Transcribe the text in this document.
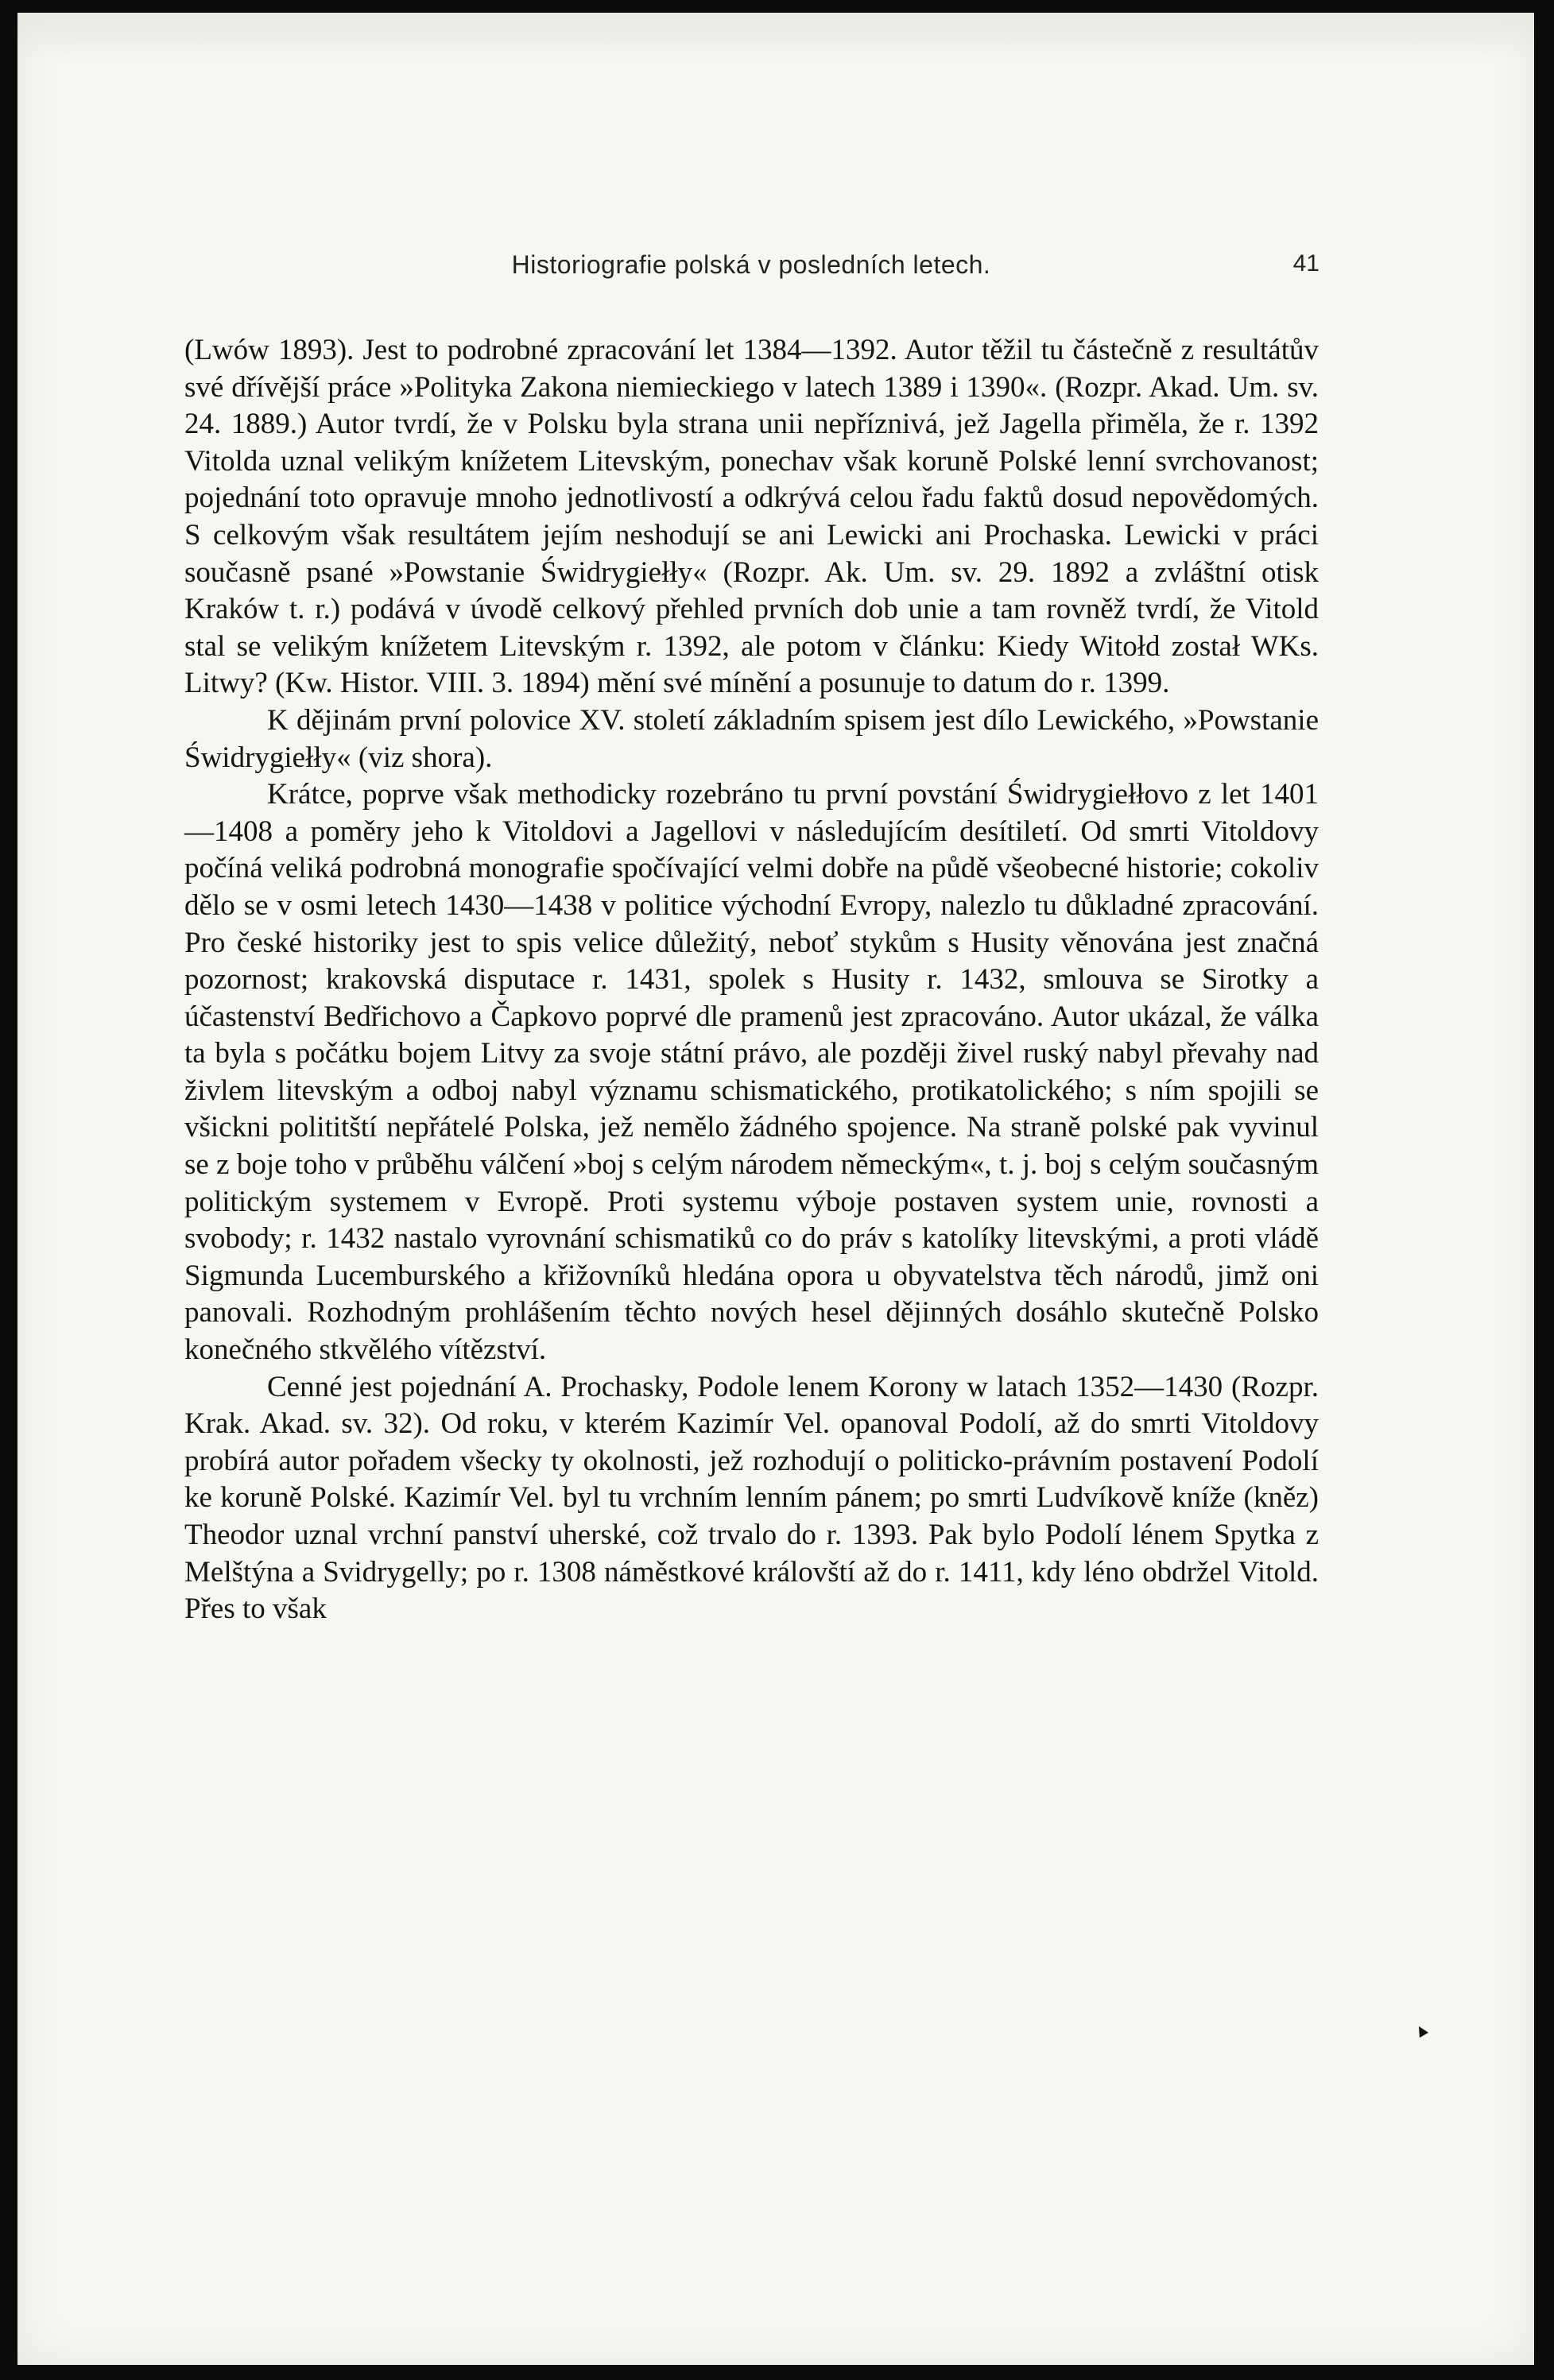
Historiografie polská v posledních letech.	41

(Lwów 1893). Jest to podrobné zpracování let 1384—1392. Autor těžil tu částečně z resultátův své dřívější práce »Polityka Zakona niemieckiego v latech 1389 i 1390«. (Rozpr. Akad. Um. sv. 24. 1889.) Autor tvrdí, že v Polsku byla strana unii nepříznivá, jež Jagella přiměla, že r. 1392 Vitolda uznal velikým knížetem Litevským, ponechav však koruně Polské lenní svrchovanost; pojednání toto opravuje mnoho jednotlivostí a odkrývá celou řadu faktů dosud nepovědomých. S celkovým však resultátem jejím neshodují se ani Lewicki ani Prochaska. Lewicki v práci současně psané »Powstanie Świdrygiełły« (Rozpr. Ak. Um. sv. 29. 1892 a zvláštní otisk Kraków t. r.) podává v úvodě celkový přehled prvních dob unie a tam rovněž tvrdí, že Vitold stal se velikým knížetem Litevským r. 1392, ale potom v článku: Kiedy Witołd został WKs. Litwy? (Kw. Histor. VIII. 3. 1894) mění své mínění a posunuje to datum do r. 1399.

K dějinám první polovice XV. století základním spisem jest dílo Lewického, »Powstanie Świdrygiełły« (viz shora).

Krátce, poprve však methodicky rozebráno tu první povstání Świdrygiełłovo z let 1401—1408 a poměry jeho k Vitoldovi a Jagellovi v následujícím desítiletí. Od smrti Vitoldovy počíná veliká podrobná monografie spočívající velmi dobře na půdě všeobecné historie; cokoliv dělo se v osmi letech 1430—1438 v politice východní Evropy, nalezlo tu důkladné zpracování. Pro české historiky jest to spis velice důležitý, neboť stykům s Husity věnována jest značná pozornost; krakovská disputace r. 1431, spolek s Husity r. 1432, smlouva se Sirotky a účastenství Bedřichovo a Čapkovo poprvé dle pramenů jest zpracováno. Autor ukázal, že válka ta byla s počátku bojem Litvy za svoje státní právo, ale později živel ruský nabyl převahy nad živlem litevským a odboj nabyl významu schismatického, protikatolického; s ním spojili se všickni polititští nepřátelé Polska, jež nemělo žádného spojence. Na straně polské pak vyvinul se z boje toho v průběhu válčení »boj s celým národem německým«, t. j. boj s celým současným politickým systemem v Evropě. Proti systemu výboje postaven system unie, rovnosti a svobody; r. 1432 nastalo vyrovnání schismatiků co do práv s katolíky litevskými, a proti vládě Sigmunda Lucemburského a křižovníků hledána opora u obyvatelstva těch národů, jimž oni panovali. Rozhodným prohlášením těchto nových hesel dějinných dosáhlo skutečně Polsko konečného stkvělého vítězství.

Cenné jest pojednání A. Prochasky, Podole lenem Korony w latach 1352—1430 (Rozpr. Krak. Akad. sv. 32). Od roku, v kterém Kazimír Vel. opanoval Podolí, až do smrti Vitoldovy probírá autor pořadem všecky ty okolnosti, jež rozhodují o politicko-právním postavení Podolí ke koruně Polské. Kazimír Vel. byl tu vrchním lenním pánem; po smrti Ludvíkově kníže (kněz) Theodor uznal vrchní panství uherské, což trvalo do r. 1393. Pak bylo Podolí lénem Spytka z Melštýna a Svidrygelly; po r. 1308 náměstkové královští až do r. 1411, kdy léno obdržel Vitold. Přes to však

▲
